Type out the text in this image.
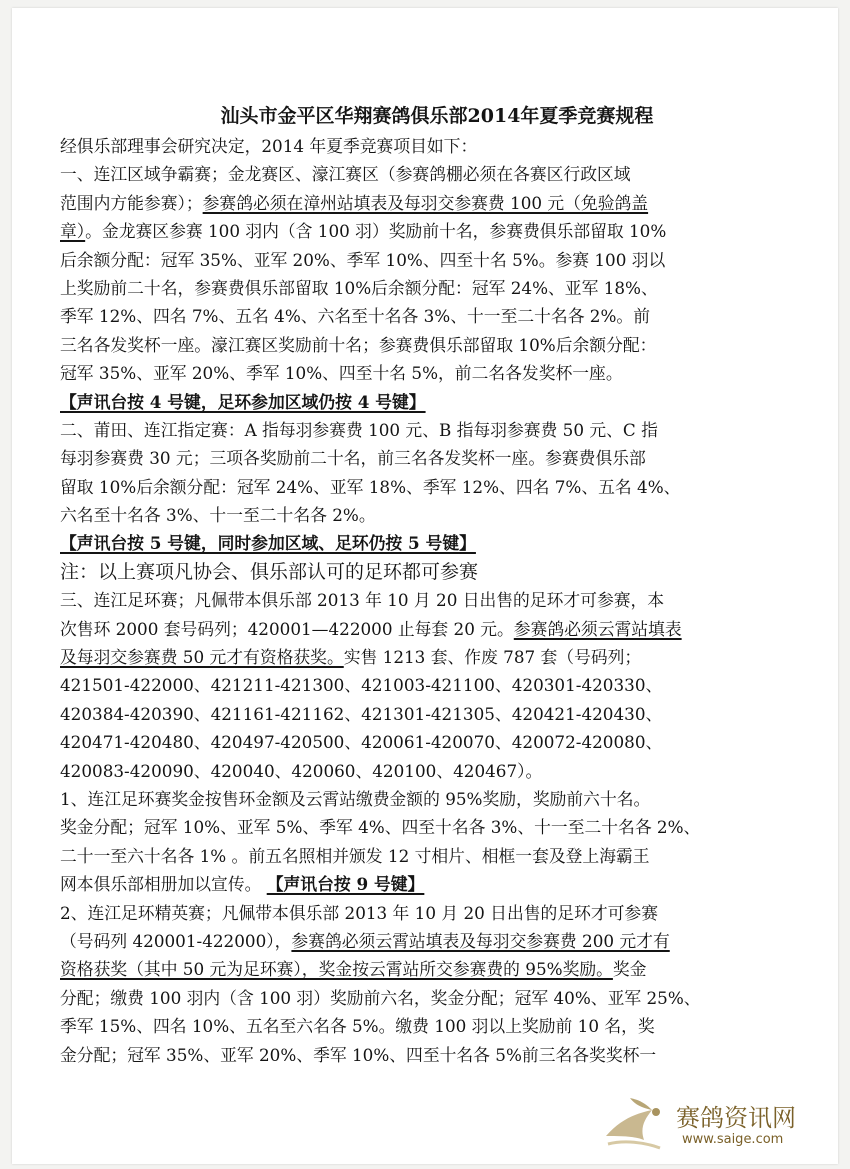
汕头市金平区华翔赛鸽俱乐部2014年夏季竞赛规程
经俱乐部理事会研究决定，2014 年夏季竞赛项目如下：
一、连江区域争霸赛；金龙赛区、濠江赛区（参赛鸽棚必须在各赛区行政区域
范围内方能参赛）；参赛鸽必须在漳州站填表及每羽交参赛费 100 元（免验鸽盖
章）。金龙赛区参赛 100 羽内（含 100 羽）奖励前十名，参赛费俱乐部留取 10%
后余额分配：冠军 35%、亚军 20%、季军 10%、四至十名 5%。参赛 100 羽以
上奖励前二十名，参赛费俱乐部留取 10%后余额分配：冠军 24%、亚军 18%、
季军 12%、四名 7%、五名 4%、六名至十名各 3%、十一至二十名各 2%。前
三名各发奖杯一座。濠江赛区奖励前十名；参赛费俱乐部留取 10%后余额分配：
冠军 35%、亚军 20%、季军 10%、四至十名 5%，前二名各发奖杯一座。
【声讯台按 4 号键，足环参加区域仍按 4 号键】
二、莆田、连江指定赛：A 指每羽参赛费 100 元、B 指每羽参赛费 50 元、C 指
每羽参赛费 30 元；三项各奖励前二十名，前三名各发奖杯一座。参赛费俱乐部
留取 10%后余额分配：冠军 24%、亚军 18%、季军 12%、四名 7%、五名 4%、
六名至十名各 3%、十一至二十名各 2%。
【声讯台按 5 号键，同时参加区域、足环仍按 5 号键】
注：以上赛项凡协会、俱乐部认可的足环都可参赛
三、连江足环赛；凡佩带本俱乐部 2013 年 10 月 20 日出售的足环才可参赛，本
次售环 2000 套号码列；420001—422000 止每套 20 元。参赛鸽必须云霄站填表
及每羽交参赛费 50 元才有资格获奖。实售 1213 套、作废 787 套（号码列；
421501-422000、421211-421300、421003-421100、420301-420330、
420384-420390、421161-421162、421301-421305、420421-420430、
420471-420480、420497-420500、420061-420070、420072-420080、
420083-420090、420040、420060、420100、420467）。
1、连江足环赛奖金按售环金额及云霄站缴费金额的 95%奖励，奖励前六十名。
奖金分配；冠军 10%、亚军 5%、季军 4%、四至十名各 3%、十一至二十名各 2%、
二十一至六十名各 1% 。前五名照相并颁发 12 寸相片、相框一套及登上海霸王
网本俱乐部相册加以宣传。 【声讯台按 9 号键】
2、连江足环精英赛；凡佩带本俱乐部 2013 年 10 月 20 日出售的足环才可参赛
（号码列 420001-422000），参赛鸽必须云霄站填表及每羽交参赛费 200 元才有
资格获奖（其中 50 元为足环赛），奖金按云霄站所交参赛费的 95%奖励。奖金
分配；缴费 100 羽内（含 100 羽）奖励前六名，奖金分配；冠军 40%、亚军 25%、
季军 15%、四名 10%、五名至六名各 5%。缴费 100 羽以上奖励前 10 名，奖
金分配；冠军 35%、亚军 20%、季军 10%、四至十名各 5%前三名各奖奖杯一
赛鸽资讯网
www.saige.com
